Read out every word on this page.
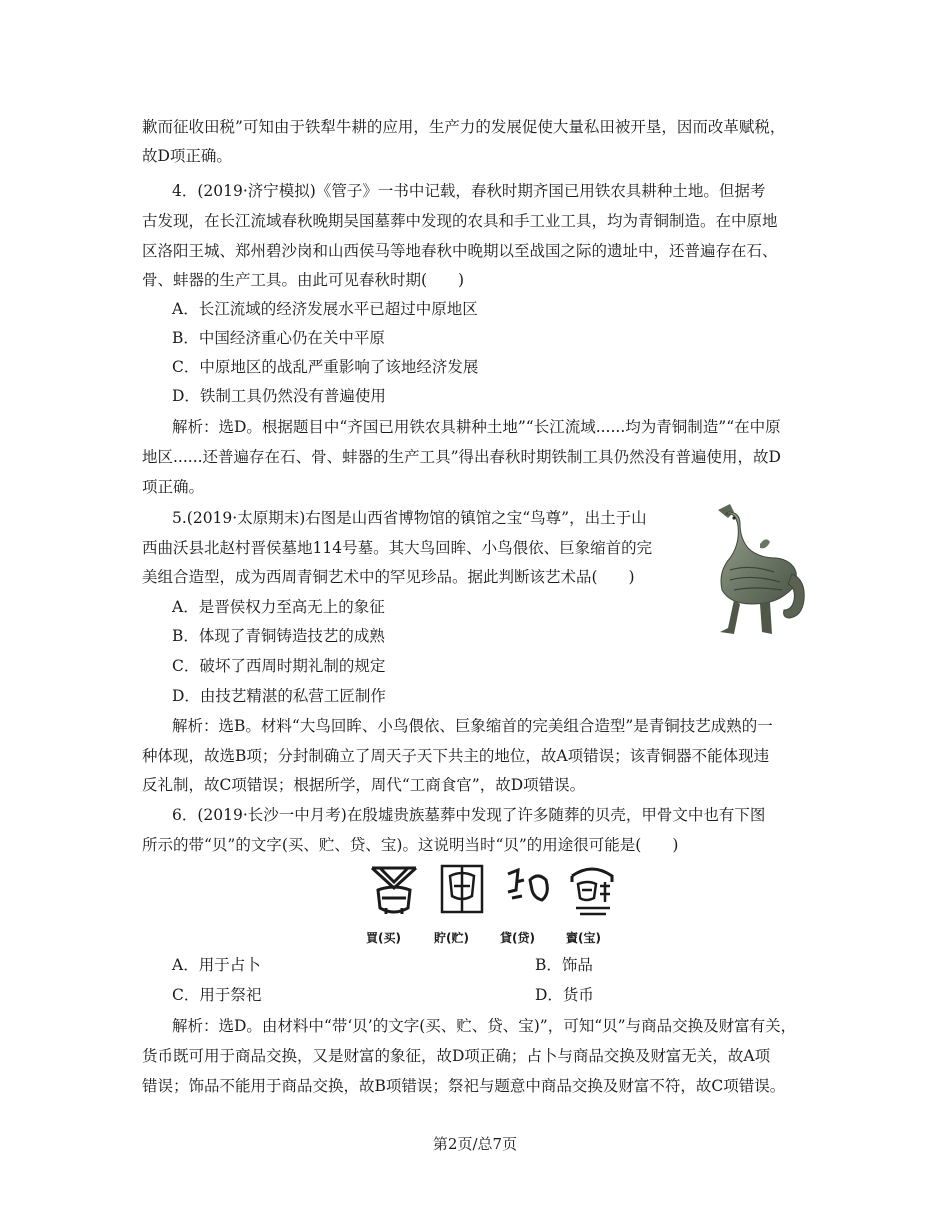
歉而征收田税”可知由于铁犁牛耕的应用，生产力的发展促使大量私田被开垦，因而改革赋税，
故D项正确。
4．(2019·济宁模拟)《管子》一书中记载，春秋时期齐国已用铁农具耕种土地。但据考
古发现，在长江流域春秋晚期吴国墓葬中发现的农具和手工业工具，均为青铜制造。在中原地
区洛阳王城、郑州碧沙岗和山西侯马等地春秋中晚期以至战国之际的遗址中，还普遍存在石、
骨、蚌器的生产工具。由此可见春秋时期(　　)
A．长江流域的经济发展水平已超过中原地区
B．中国经济重心仍在关中平原
C．中原地区的战乱严重影响了该地经济发展
D．铁制工具仍然没有普遍使用
解析：选D。根据题目中“齐国已用铁农具耕种土地”“长江流域......均为青铜制造”“在中原
地区......还普遍存在石、骨、蚌器的生产工具”得出春秋时期铁制工具仍然没有普遍使用，故D
项正确。
5.(2019·太原期末)右图是山西省博物馆的镇馆之宝“鸟尊”，出土于山
西曲沃县北赵村晋侯墓地114号墓。其大鸟回眸、小鸟偎依、巨象缩首的完
美组合造型，成为西周青铜艺术中的罕见珍品。据此判断该艺术品(　　)
A．是晋侯权力至高无上的象征
B．体现了青铜铸造技艺的成熟
C．破坏了西周时期礼制的规定
D．由技艺精湛的私营工匠制作
解析：选B。材料“大鸟回眸、小鸟偎依、巨象缩首的完美组合造型”是青铜技艺成熟的一
种体现，故选B项；分封制确立了周天子天下共主的地位，故A项错误；该青铜器不能体现违
反礼制，故C项错误；根据所学，周代“工商食官”，故D项错误。
6．(2019·长沙一中月考)在殷墟贵族墓葬中发现了许多随葬的贝壳，甲骨文中也有下图
所示的带“贝”的文字(买、贮、贷、宝)。这说明当时“贝”的用途很可能是(　　)
買(买)	貯(贮)	貸(贷)	賨(宝)
A．用于占卜	B．饰品
C．用于祭祀	D．货币
解析：选D。由材料中“带‘贝’的文字(买、贮、贷、宝)”，可知“贝”与商品交换及财富有关，
货币既可用于商品交换，又是财富的象征，故D项正确；占卜与商品交换及财富无关，故A项
错误；饰品不能用于商品交换，故B项错误；祭祀与题意中商品交换及财富不符，故C项错误。
第2页/总7页
